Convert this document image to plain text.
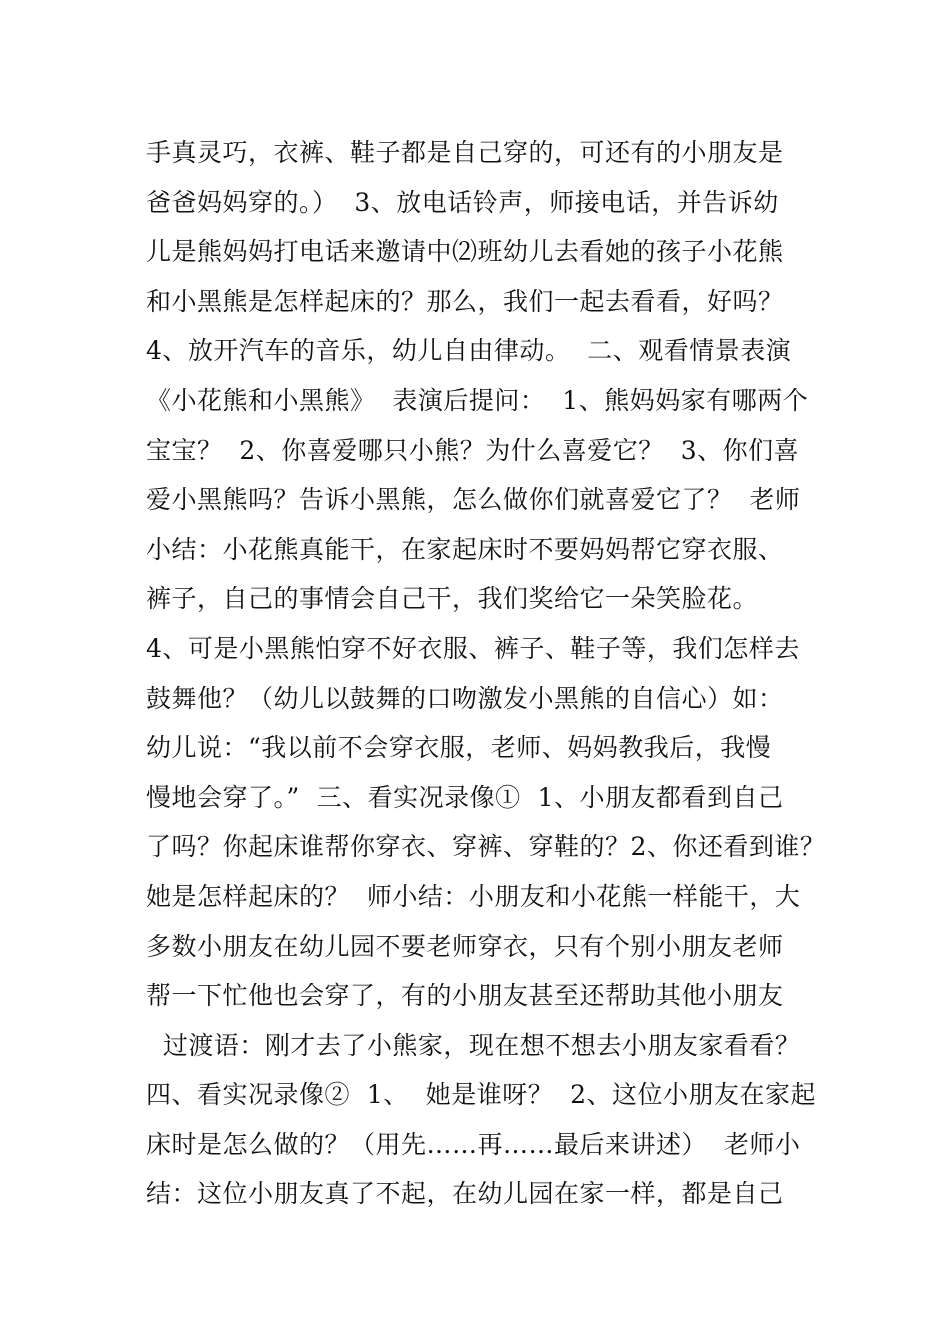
手真灵巧，衣裤、鞋子都是自己穿的，可还有的小朋友是
爸爸妈妈穿的。）  3、放电话铃声，师接电话，并告诉幼
儿是熊妈妈打电话来邀请中⑵班幼儿去看她的孩子小花熊
和小黑熊是怎样起床的？那么，我们一起去看看，好吗？
4、放开汽车的音乐，幼儿自由律动。  二、观看情景表演
《小花熊和小黑熊》  表演后提问：  1、熊妈妈家有哪两个
宝宝？  2、你喜爱哪只小熊？为什么喜爱它？  3、你们喜
爱小黑熊吗？告诉小黑熊，怎么做你们就喜爱它了？  老师
小结：小花熊真能干，在家起床时不要妈妈帮它穿衣服、
裤子，自己的事情会自己干，我们奖给它一朵笑脸花。
4、可是小黑熊怕穿不好衣服、裤子、鞋子等，我们怎样去
鼓舞他？（幼儿以鼓舞的口吻激发小黑熊的自信心）如：
幼儿说：“我以前不会穿衣服，老师、妈妈教我后，我慢
慢地会穿了。”  三、看实况录像①  1、小朋友都看到自己
了吗？你起床谁帮你穿衣、穿裤、穿鞋的？2、你还看到谁？
她是怎样起床的？  师小结：小朋友和小花熊一样能干，大
多数小朋友在幼儿园不要老师穿衣，只有个别小朋友老师
帮一下忙他也会穿了，有的小朋友甚至还帮助其他小朋友
过渡语：刚才去了小熊家，现在想不想去小朋友家看看？
四、看实况录像②  1、  她是谁呀？  2、这位小朋友在家起
床时是怎么做的？（用先……再……最后来讲述）  老师小
结：这位小朋友真了不起，在幼儿园在家一样，都是自己
